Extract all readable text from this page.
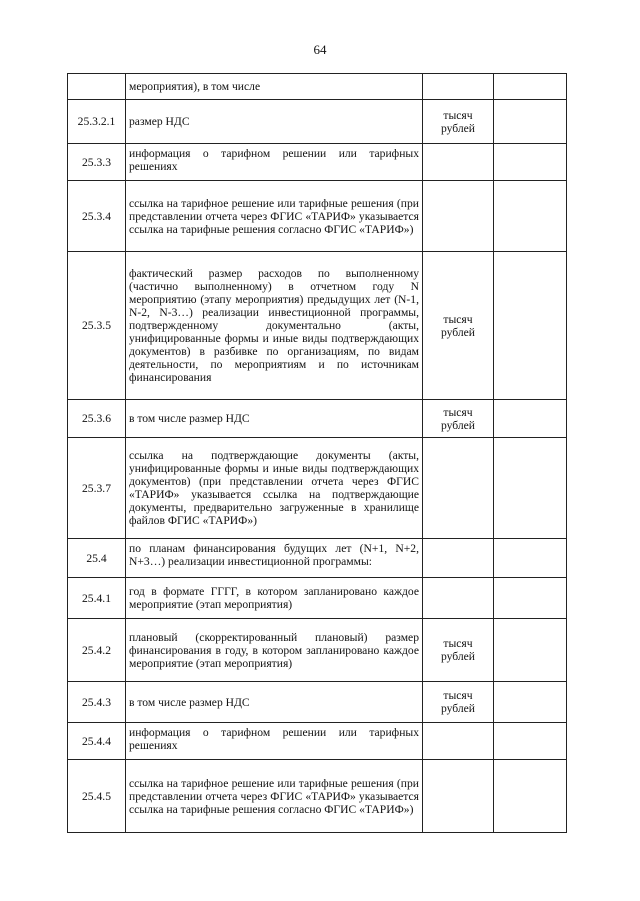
64
	мероприятия), в том числе		
25.3.2.1	размер НДС	тысяч рублей	
25.3.3	информация о тарифном решении или тарифных решениях		
25.3.4	ссылка на тарифное решение или тарифные решения (при представлении отчета через ФГИС «ТАРИФ» указывается ссылка на тарифные решения согласно ФГИС «ТАРИФ»)		
25.3.5	фактический размер расходов по выполненному (частично выполненному) в отчетном году N мероприятию (этапу мероприятия) предыдущих лет (N-1, N-2, N-3…) реализации инвестиционной программы, подтвержденному документально (акты, унифицированные формы и иные виды подтверждающих документов) в разбивке по организациям, по видам деятельности, по мероприятиям и по источникам финансирования	тысяч рублей	
25.3.6	в том числе размер НДС	тысяч рублей	
25.3.7	ссылка на подтверждающие документы (акты, унифицированные формы и иные виды подтверждающих документов) (при представлении отчета через ФГИС «ТАРИФ» указывается ссылка на подтверждающие документы, предварительно загруженные в хранилище файлов ФГИС «ТАРИФ»)		
25.4	по планам финансирования будущих лет (N+1, N+2, N+3…) реализации инвестиционной программы:		
25.4.1	год в формате ГГГГ, в котором запланировано каждое мероприятие (этап мероприятия)		
25.4.2	плановый (скорректированный плановый) размер финансирования в году, в котором запланировано каждое мероприятие (этап мероприятия)	тысяч рублей	
25.4.3	в том числе размер НДС	тысяч рублей	
25.4.4	информация о тарифном решении или тарифных решениях		
25.4.5	ссылка на тарифное решение или тарифные решения (при представлении отчета через ФГИС «ТАРИФ» указывается ссылка на тарифные решения согласно ФГИС «ТАРИФ»)		
